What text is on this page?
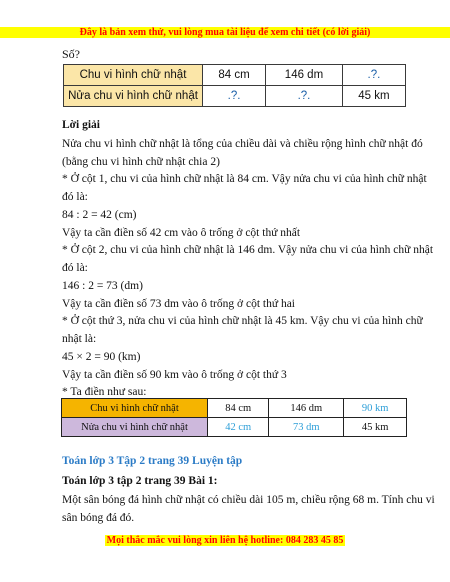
Đây là bản xem thử, vui lòng mua tài liệu để xem chi tiết (có lời giải)
Số?
Chu vi hình chữ nhật	84 cm	146 dm	.?.
Nửa chu vi hình chữ nhật	.?.	.?.	45 km
Lời giải
Nửa chu vi hình chữ nhật là tổng của chiều dài và chiều rộng hình chữ nhật đó
(bằng chu vi hình chữ nhật chia 2)
* Ở cột 1, chu vi của hình chữ nhật là 84 cm. Vậy nửa chu vi của hình chữ nhật
đó là:
84 : 2 = 42 (cm)
Vậy ta cần điền số 42 cm vào ô trống ở cột thứ nhất
* Ở cột 2, chu vi của hình chữ nhật là 146 dm. Vậy nửa chu vi của hình chữ nhật
đó là:
146 : 2 = 73 (dm)
Vậy ta cần điền số 73 dm vào ô trống ở cột thứ hai
* Ở cột thứ 3, nửa chu vi của hình chữ nhật là 45 km. Vậy chu vi của hình chữ
nhật là:
45 × 2 = 90 (km)
Vậy ta cần điền số 90 km vào ô trống ở cột thứ 3
* Ta điền như sau:
Chu vi hình chữ nhật	84 cm	146 dm	90 km
Nửa chu vi hình chữ nhật	42 cm	73 dm	45 km
Toán lớp 3 Tập 2 trang 39 Luyện tập
Toán lớp 3 tập 2 trang 39 Bài 1:
Một sân bóng đá hình chữ nhật có chiều dài 105 m, chiều rộng 68 m. Tính chu vi
sân bóng đá đó.
Mọi thắc mắc vui lòng xin liên hệ hotline: 084 283 45 85
